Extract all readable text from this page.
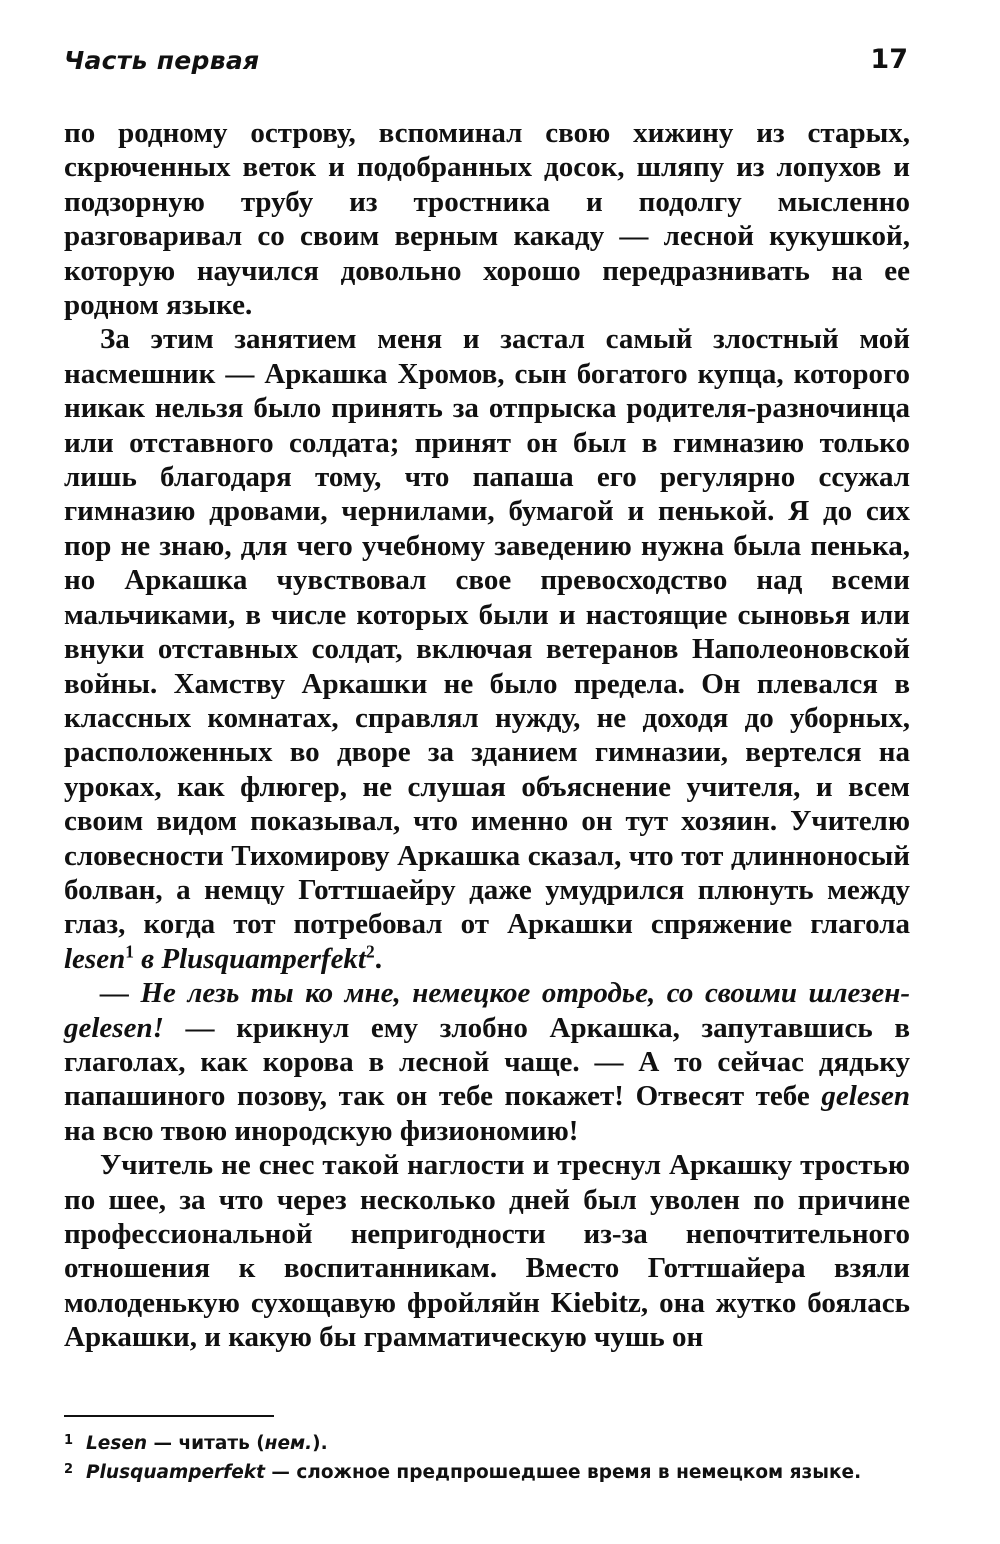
Часть первая	17

по родному острову, вспоминал свою хижину из старых, скрюченных веток и подобранных досок, шляпу из лопухов и подзорную трубу из тростника и подолгу мысленно разговаривал со своим верным какаду — лесной кукушкой, которую научился довольно хорошо передразнивать на ее родном языке.

За этим занятием меня и застал самый злостный мой насмешник — Аркашка Хромов, сын богатого купца, которого никак нельзя было принять за отпрыска родителя-разночинца или отставного солдата; принят он был в гимназию только лишь благодаря тому, что папаша его регулярно ссужал гимназию дровами, чернилами, бумагой и пенькой. Я до сих пор не знаю, для чего учебному заведению нужна была пенька, но Аркашка чувствовал свое превосходство над всеми мальчиками, в числе которых были и настоящие сыновья или внуки отставных солдат, включая ветеранов Наполеоновской войны. Хамству Аркашки не было предела. Он плевался в классных комнатах, справлял нужду, не доходя до уборных, расположенных во дворе за зданием гимназии, вертелся на уроках, как флюгер, не слушая объяснение учителя, и всем своим видом показывал, что именно он тут хозяин. Учителю словесности Тихомирову Аркашка сказал, что тот длинноносый болван, а немцу Готтшаейру даже умудрился плюнуть между глаз, когда тот потребовал от Аркашки спряжение глагола lesen$^1$ в Plusquamperfekt$^2$.

— Не лезь ты ко мне, немецкое отродье, со своими шлезен-gelesen! — крикнул ему злобно Аркашка, запутавшись в глаголах, как корова в лесной чаще. — А то сейчас дядьку папашиного позову, так он тебе покажет! Отвесят тебе gelesen на всю твою инородскую физиономию!

Учитель не снес такой наглости и треснул Аркашку тростью по шее, за что через несколько дней был уволен по причине профессиональной непригодности из-за непочтительного отношения к воспитанникам. Вместо Готтшайера взяли молоденькую сухощавую фройляйн Kiebitz, она жутко боялась Аркашки, и какую бы грамматическую чушь он

1 Lesen — читать (нем.).
2 Plusquamperfekt — сложное предпрошедшее время в немецком языке.
